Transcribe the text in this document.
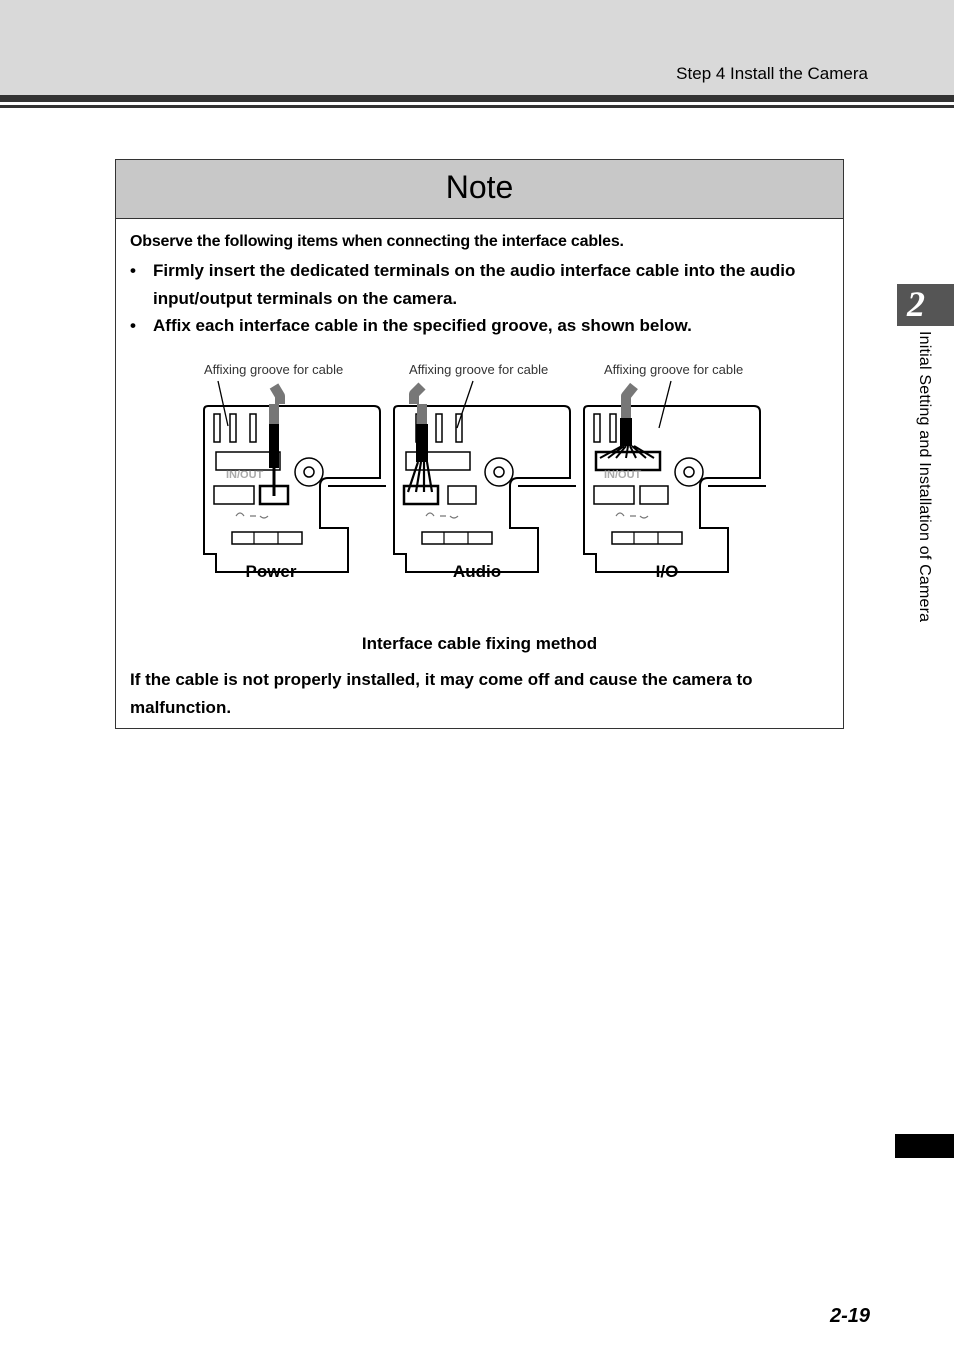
Step 4 Install the Camera
2
Initial Setting and Installation of Camera
Note
Observe the following items when connecting the interface cables.
• Firmly insert the dedicated terminals on the audio interface cable into the audio input/output terminals on the camera.
• Affix each interface cable in the specified groove, as shown below.
Affixing groove for cable	Affixing groove for cable	Affixing groove for cable
IN/OUT	IN/OUT
Power	Audio	I/O
Interface cable fixing method
If the cable is not properly installed, it may come off and cause the camera to malfunction.
2-19
